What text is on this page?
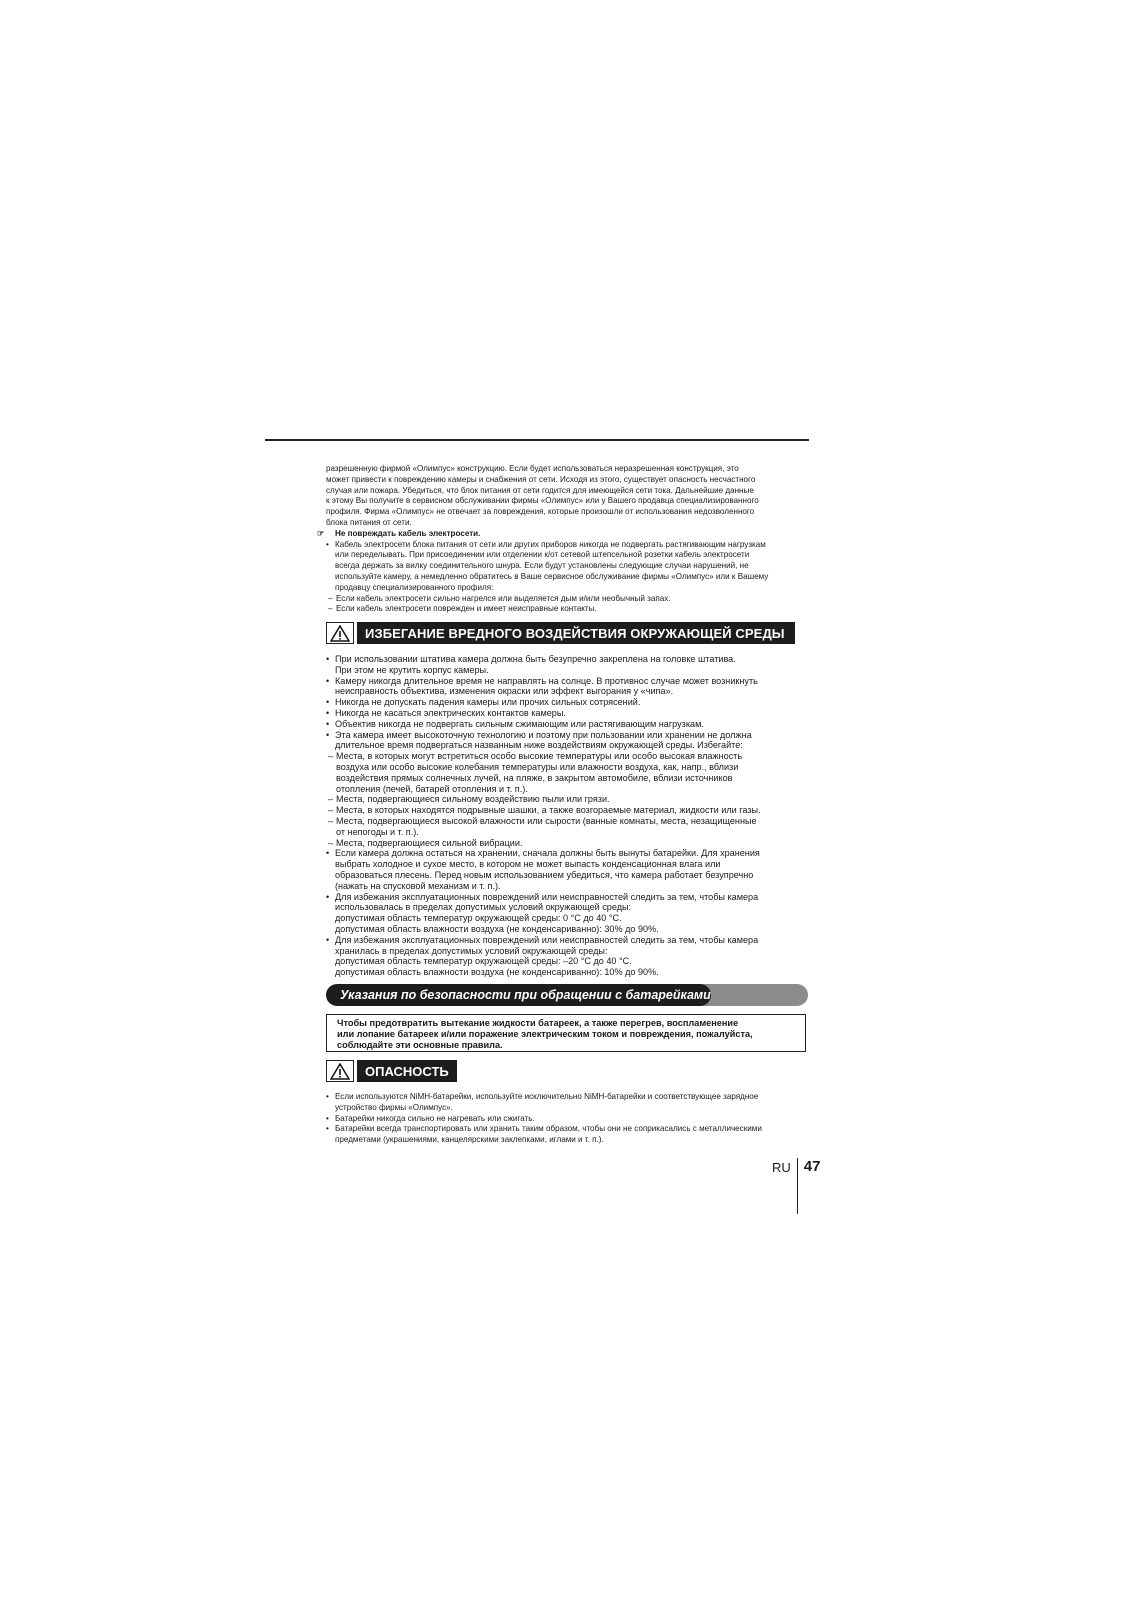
разрешенную фирмой «Олимпус» конструкцию. Если будет использоваться неразрешенная конструкция, это
может привести к повреждению камеры и снабжения от сети. Исходя из этого, существует опасность несчастного
случая или пожара. Убедиться, что блок питания от сети годится для имеющейся сети тока. Дальнейшие данные
к этому Вы получите в сервисном обслуживании фирмы «Олимпус» или у Вашего продавца специализированного
профиля. Фирма «Олимпус» не отвечает за повреждения, которые произошли от использования недозволенного
блока питания от сети.
☞ Не повреждать кабель электросети.
• Кабель электросети блока питания от сети или других приборов никогда не подвергать растягивающим нагрузкам
или переделывать. При присоединении или отделении к/от сетевой штепсельной розетки кабель электросети
всегда держать за вилку соединительного шнура. Если будут установлены следующие случаи нарушений, не
используйте камеру, а немедленно обратитесь в Ваше сервисное обслуживание фирмы «Олимпус» или к Вашему
продавцу специализированного профиля:
– Если кабель электросети сильно нагрелся или выделяется дым и/или необычный запах.
– Если кабель электросети поврежден и имеет неисправные контакты.
ИЗБЕГАНИЕ ВРЕДНОГО ВОЗДЕЙСТВИЯ ОКРУЖАЮЩЕЙ СРЕДЫ
• При использовании штатива камера должна быть безупречно закреплена на головке штатива.
При этом не крутить корпус камеры.
• Камеру никогда длительное время не направлять на солнце. В противнос случае может возникнуть
неисправность объектива, изменения окраски или эффект выгорания у «чипа».
• Никогда не допускать падения камеры или прочих сильных сотрясений.
• Никогда не касаться электрических контактов камеры.
• Объектив никогда не подвергать сильным сжимающим или растягивающим нагрузкам.
• Эта камера имеет высокоточную технологию и поэтому при пользовании или хранении не должна
длительное время подвергаться названным ниже воздействиям окружающей среды. Избегайте:
– Места, в которых могут встретиться особо высокие температуры или особо высокая влажность
воздуха или особо высокие колебания температуры или влажности воздуха, как, напр., вблизи
воздействия прямых солнечных лучей, на пляже, в закрытом автомобиле, вблизи источников
отопления (печей, батарей отопления и т. п.).
– Места, подвергающиеся сильному воздействию пыли или грязи.
– Места, в которых находятся подрывные шашки, а также возгораемые материал, жидкости или газы.
– Места, подвергающиеся высокой влажности или сырости (ванные комнаты, места, незащищенные
от непогоды и т. п.).
– Места, подвергающиеся сильной вибрации.
• Если камера должна остаться на хранении, сначала должны быть вынуты батарейки. Для хранения
выбрать холодное и сухое место, в котором не может выпасть конденсационная влага или
образоваться плесень. Перед новым использованием убедиться, что камера работает безупречно
(нажать на спусковой механизм и т. п.).
• Для избежания эксплуатационных повреждений или неисправностей следить за тем, чтобы камера
использовалась в пределах допустимых условий окружающей среды:
допустимая область температур окружающей среды: 0 °C до 40 °C.
допустимая область влажности воздуха (не конденсариванно): 30% до 90%.
• Для избежания эксплуатационных повреждений или неисправностей следить за тем, чтобы камера
хранилась в пределах допустимых условий окружающей среды:
допустимая область температур окружающей среды: –20 °C до 40 °C.
допустимая область влажности воздуха (не конденсариванно): 10% до 90%.
Указания по безопасности при обращении с батарейками
Чтобы предотвратить вытекание жидкости батареек, а также перегрев, воспламенение
или лопание батареек и/или поражение электрическим током и повреждения, пожалуйста,
соблюдайте эти основные правила.
ОПАСНОСТЬ
• Если используются NiMH-батарейки, используйте исключительно NiMH-батарейки и соответствующее зарядное
устройство фирмы «Олимпус».
• Батарейки никогда сильно не нагревать или сжигать.
• Батарейки всегда транспортировать или хранить таким образом, чтобы они не соприкасались с металлическими
предметами (украшениями, канцелярскими заклепками, иглами и т. п.).
RU 47
